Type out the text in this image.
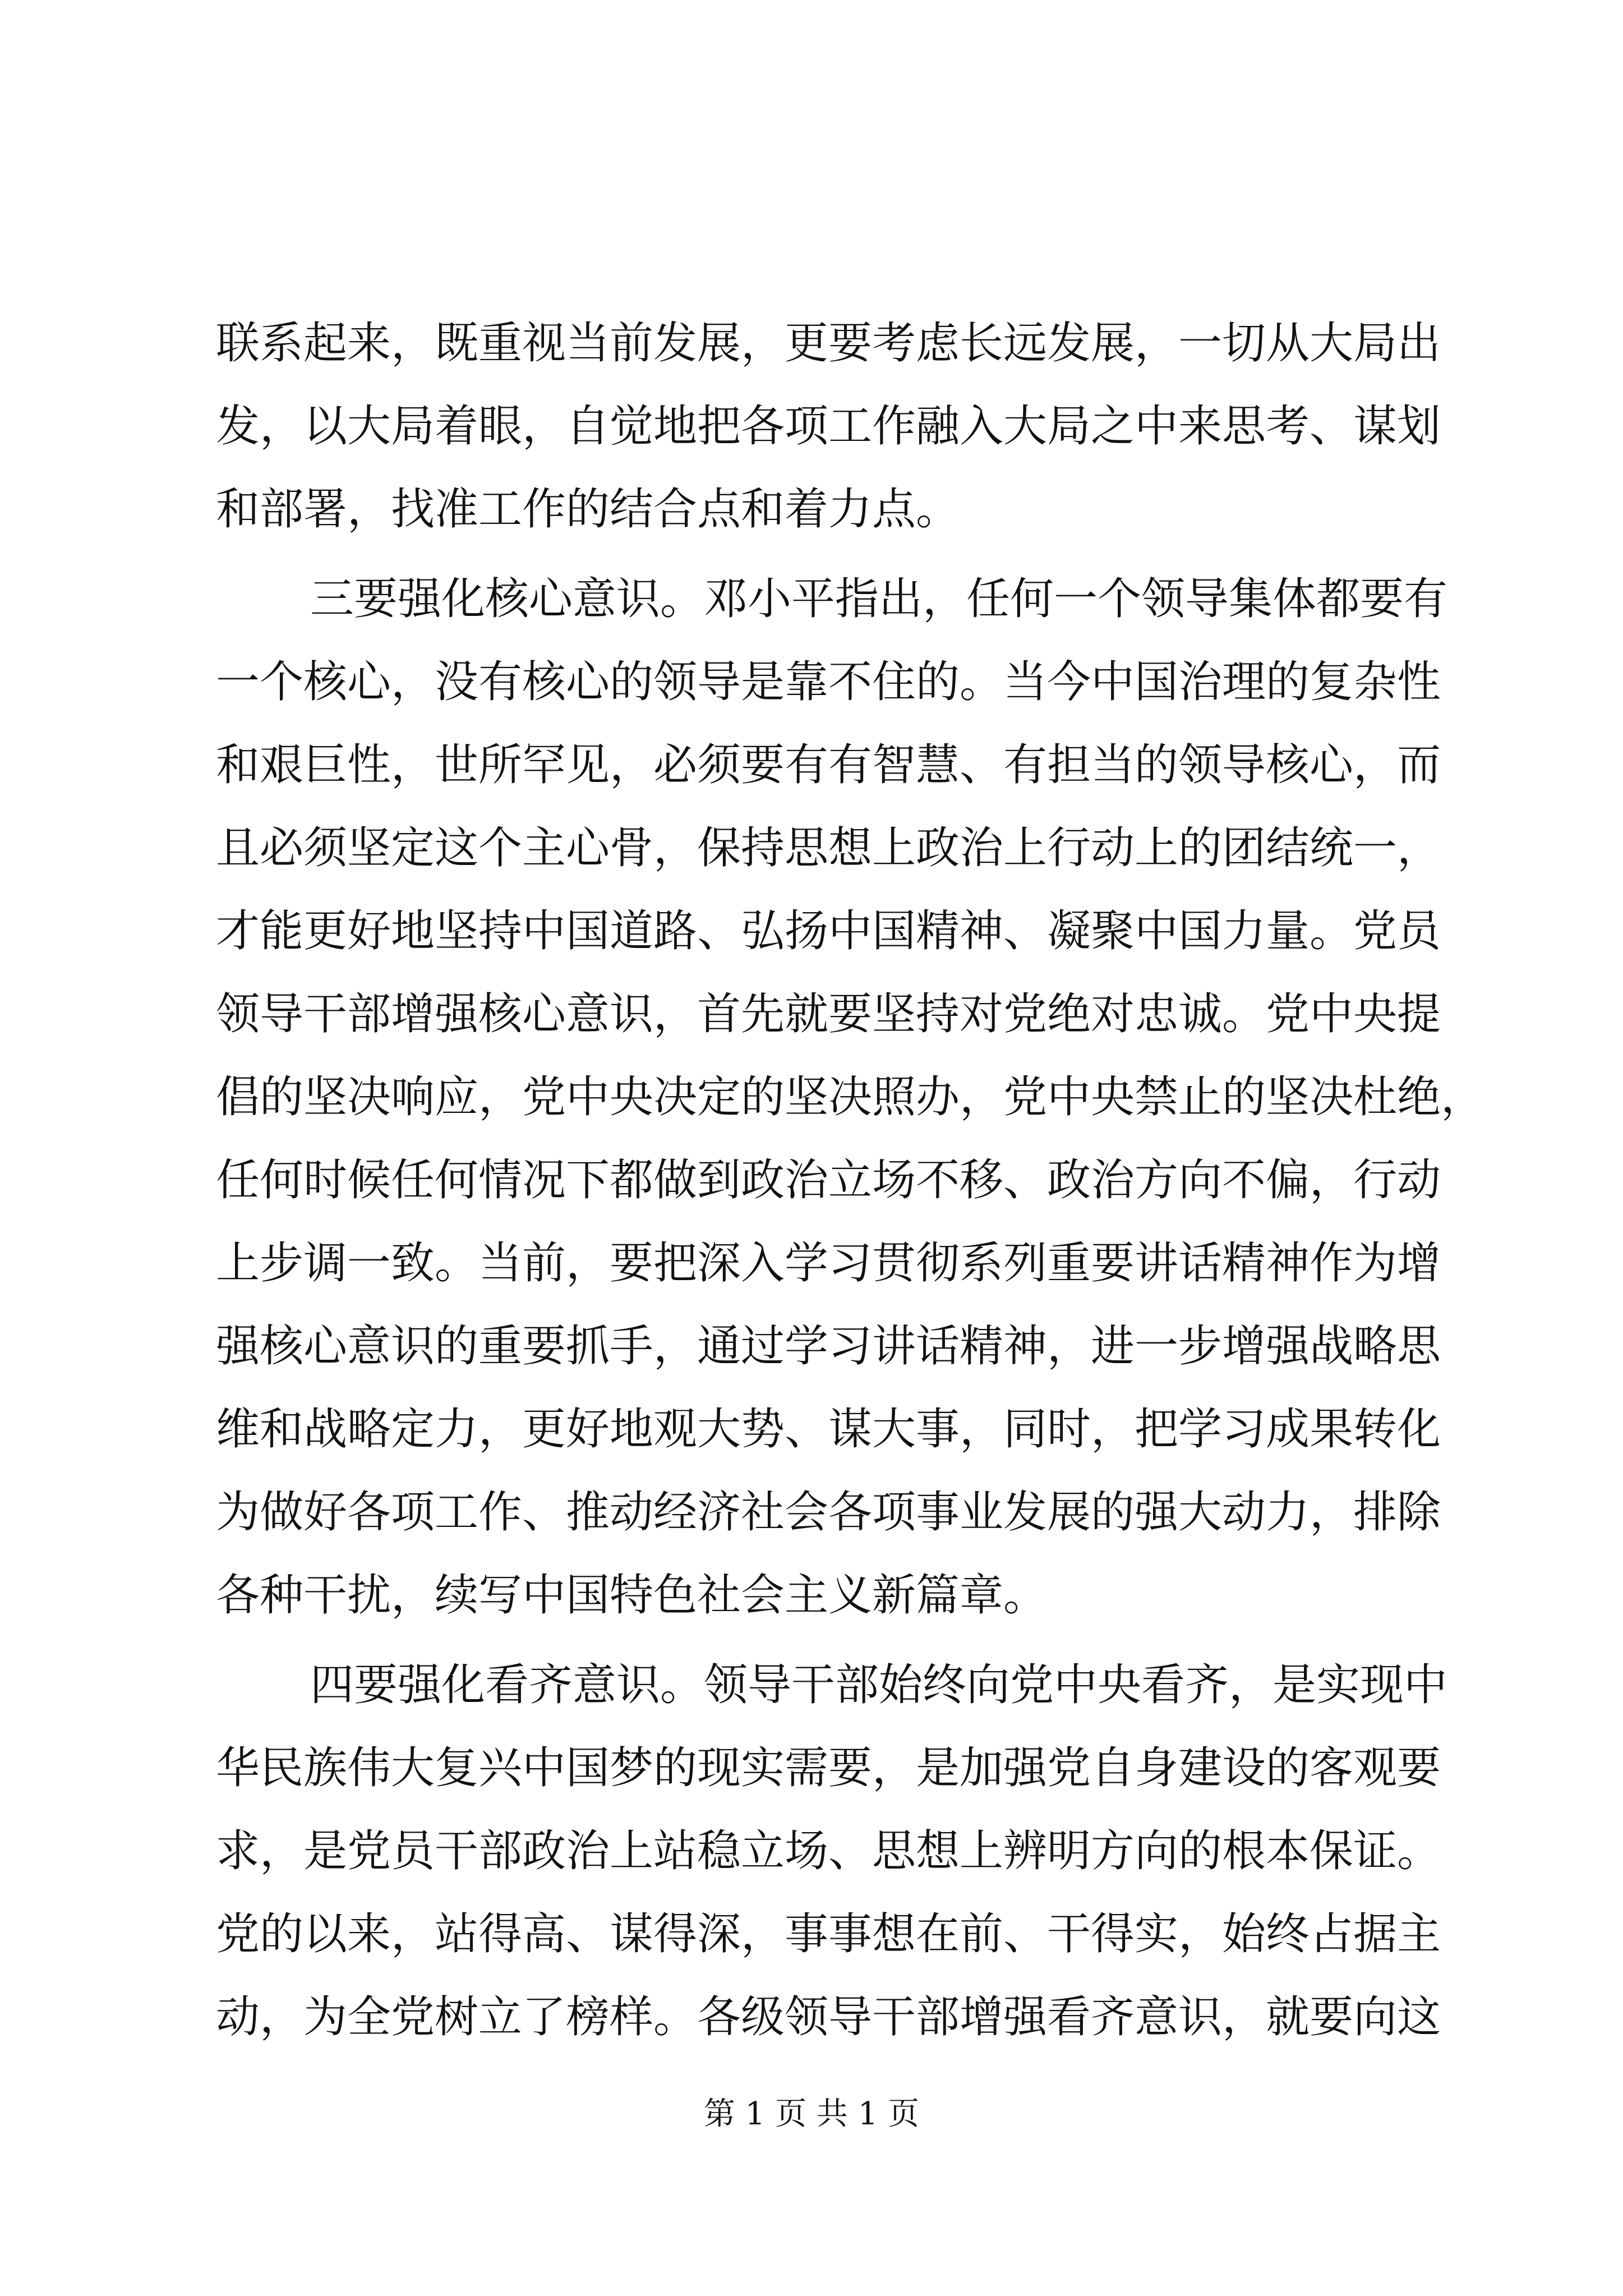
联系起来，既重视当前发展，更要考虑长远发展，一切从大局出
发，以大局着眼，自觉地把各项工作融入大局之中来思考、谋划
和部署，找准工作的结合点和着力点。
三要强化核心意识。邓小平指出，任何一个领导集体都要有
一个核心，没有核心的领导是靠不住的。当今中国治理的复杂性
和艰巨性，世所罕见，必须要有有智慧、有担当的领导核心，而
且必须坚定这个主心骨，保持思想上政治上行动上的团结统一，
才能更好地坚持中国道路、弘扬中国精神、凝聚中国力量。党员
领导干部增强核心意识，首先就要坚持对党绝对忠诚。党中央提
倡的坚决响应，党中央决定的坚决照办，党中央禁止的坚决杜绝，
任何时候任何情况下都做到政治立场不移、政治方向不偏，行动
上步调一致。当前，要把深入学习贯彻系列重要讲话精神作为增
强核心意识的重要抓手，通过学习讲话精神，进一步增强战略思
维和战略定力，更好地观大势、谋大事，同时，把学习成果转化
为做好各项工作、推动经济社会各项事业发展的强大动力，排除
各种干扰，续写中国特色社会主义新篇章。
四要强化看齐意识。领导干部始终向党中央看齐，是实现中
华民族伟大复兴中国梦的现实需要，是加强党自身建设的客观要
求，是党员干部政治上站稳立场、思想上辨明方向的根本保证。
党的以来，站得高、谋得深，事事想在前、干得实，始终占据主
动，为全党树立了榜样。各级领导干部增强看齐意识，就要向这
第 1 页 共 1 页
